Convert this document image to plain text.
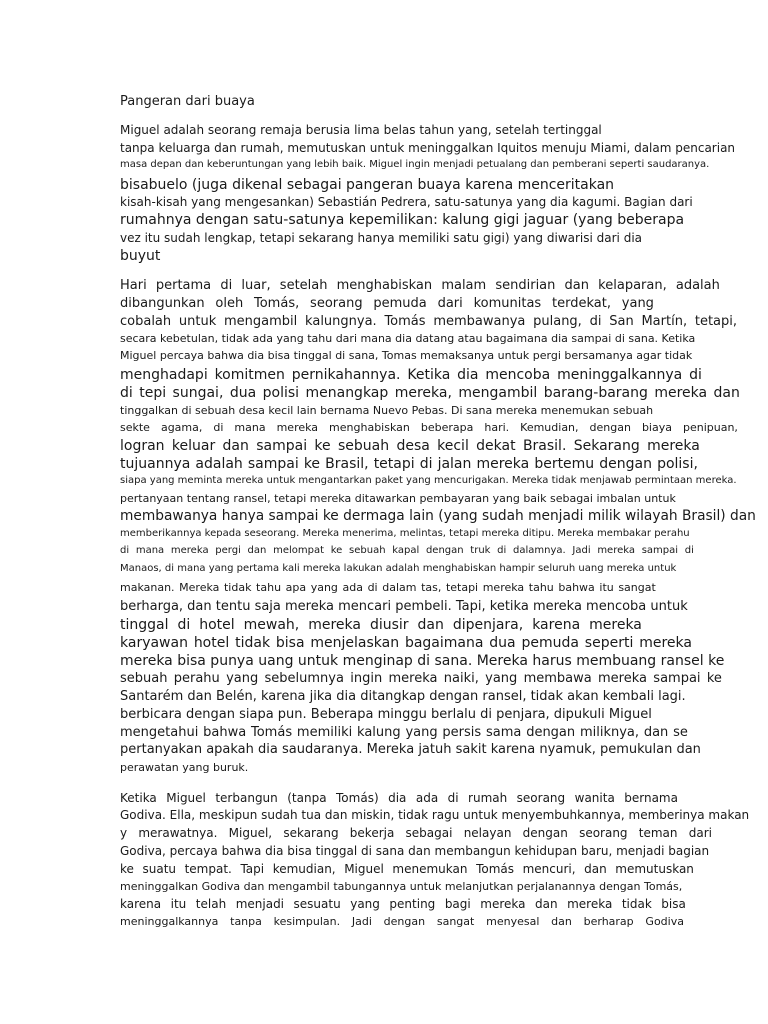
Pangeran dari buaya
Miguel adalah seorang remaja berusia lima belas tahun yang, setelah tertinggal
tanpa keluarga dan rumah, memutuskan untuk meninggalkan Iquitos menuju Miami, dalam pencarian
masa depan dan keberuntungan yang lebih baik. Miguel ingin menjadi petualang dan pemberani seperti saudaranya.
bisabuelo (juga dikenal sebagai pangeran buaya karena menceritakan
kisah-kisah yang mengesankan) Sebastián Pedrera, satu-satunya yang dia kagumi. Bagian dari
rumahnya dengan satu-satunya kepemilikan: kalung gigi jaguar (yang beberapa
vez itu sudah lengkap, tetapi sekarang hanya memiliki satu gigi) yang diwarisi dari dia
buyut
Hari pertama di luar, setelah menghabiskan malam sendirian dan kelaparan, adalah
dibangunkan oleh Tomás, seorang pemuda dari komunitas terdekat, yang
cobalah untuk mengambil kalungnya. Tomás membawanya pulang, di San Martín, tetapi,
secara kebetulan, tidak ada yang tahu dari mana dia datang atau bagaimana dia sampai di sana. Ketika
Miguel percaya bahwa dia bisa tinggal di sana, Tomas memaksanya untuk pergi bersamanya agar tidak
menghadapi komitmen pernikahannya. Ketika dia mencoba meninggalkannya di
di tepi sungai, dua polisi menangkap mereka, mengambil barang-barang mereka dan
tinggalkan di sebuah desa kecil lain bernama Nuevo Pebas. Di sana mereka menemukan sebuah
sekte agama, di mana mereka menghabiskan beberapa hari. Kemudian, dengan biaya penipuan,
logran keluar dan sampai ke sebuah desa kecil dekat Brasil. Sekarang mereka
tujuannya adalah sampai ke Brasil, tetapi di jalan mereka bertemu dengan polisi,
siapa yang meminta mereka untuk mengantarkan paket yang mencurigakan. Mereka tidak menjawab permintaan mereka.
pertanyaan tentang ransel, tetapi mereka ditawarkan pembayaran yang baik sebagai imbalan untuk
membawanya hanya sampai ke dermaga lain (yang sudah menjadi milik wilayah Brasil) dan
memberikannya kepada seseorang. Mereka menerima, melintas, tetapi mereka ditipu. Mereka membakar perahu
di mana mereka pergi dan melompat ke sebuah kapal dengan truk di dalamnya. Jadi mereka sampai di
Manaos, di mana yang pertama kali mereka lakukan adalah menghabiskan hampir seluruh uang mereka untuk
makanan. Mereka tidak tahu apa yang ada di dalam tas, tetapi mereka tahu bahwa itu sangat
berharga, dan tentu saja mereka mencari pembeli. Tapi, ketika mereka mencoba untuk
tinggal di hotel mewah, mereka diusir dan dipenjara, karena mereka
karyawan hotel tidak bisa menjelaskan bagaimana dua pemuda seperti mereka
mereka bisa punya uang untuk menginap di sana. Mereka harus membuang ransel ke
sebuah perahu yang sebelumnya ingin mereka naiki, yang membawa mereka sampai ke
Santarém dan Belén, karena jika dia ditangkap dengan ransel, tidak akan kembali lagi.
berbicara dengan siapa pun. Beberapa minggu berlalu di penjara, dipukuli Miguel
mengetahui bahwa Tomás memiliki kalung yang persis sama dengan miliknya, dan se
pertanyakan apakah dia saudaranya. Mereka jatuh sakit karena nyamuk, pemukulan dan
perawatan yang buruk.
Ketika Miguel terbangun (tanpa Tomás) dia ada di rumah seorang wanita bernama
Godiva. Ella, meskipun sudah tua dan miskin, tidak ragu untuk menyembuhkannya, memberinya makan
y merawatnya. Miguel, sekarang bekerja sebagai nelayan dengan seorang teman dari
Godiva, percaya bahwa dia bisa tinggal di sana dan membangun kehidupan baru, menjadi bagian
ke suatu tempat. Tapi kemudian, Miguel menemukan Tomás mencuri, dan memutuskan
meninggalkan Godiva dan mengambil tabungannya untuk melanjutkan perjalanannya dengan Tomás,
karena itu telah menjadi sesuatu yang penting bagi mereka dan mereka tidak bisa
meninggalkannya tanpa kesimpulan. Jadi dengan sangat menyesal dan berharap Godiva
